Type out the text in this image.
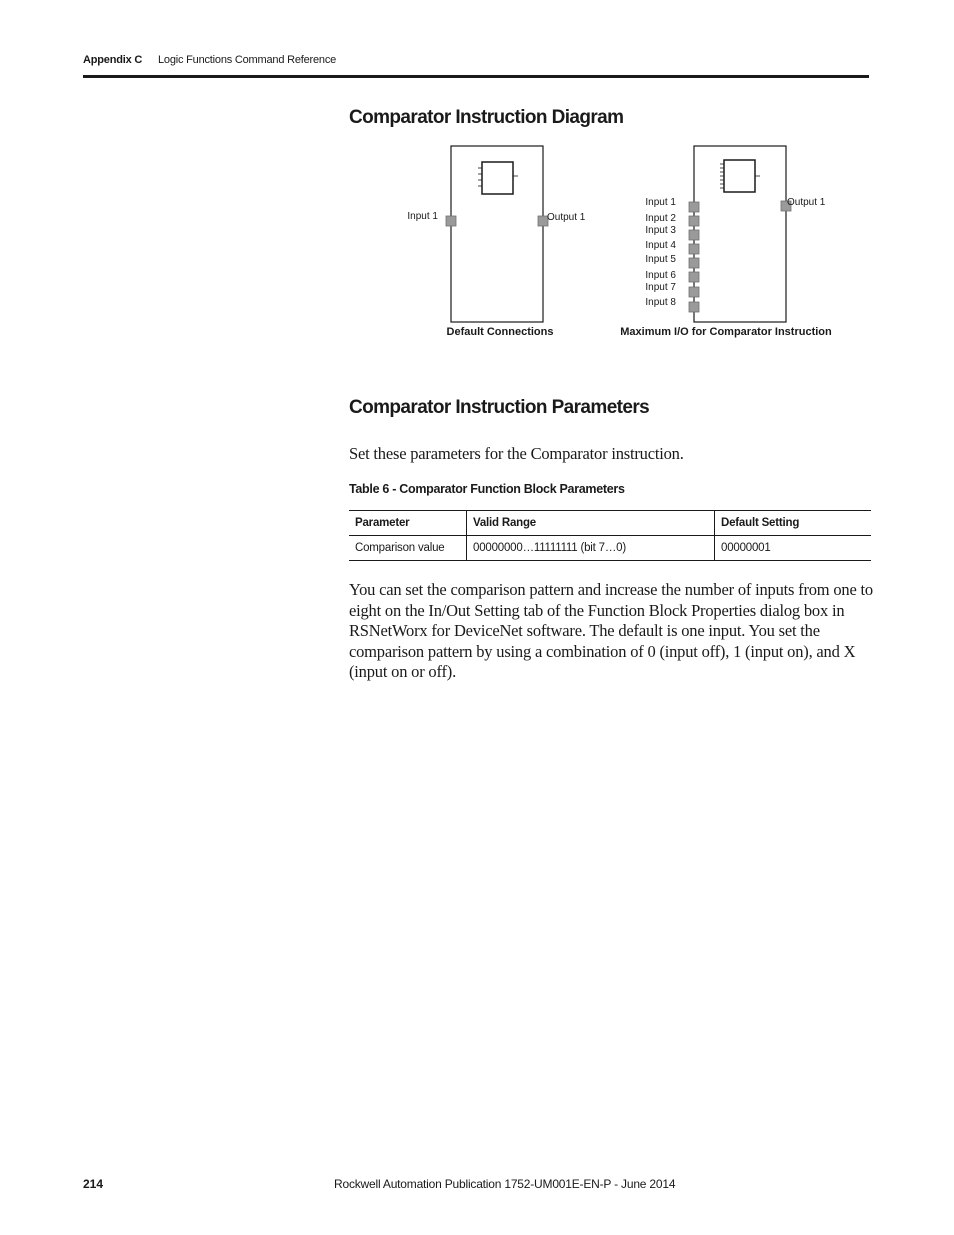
Appendix C Logic Functions Command Reference
Comparator Instruction Diagram
Input 1	Output 1
Default Connections
Output 1
Input 1
Input 2
Input 3
Input 4
Input 5
Input 6
Input 7
Input 8
Maximum I/O for Comparator Instruction
Comparator Instruction Parameters
Set these parameters for the Comparator instruction.
Table 6 - Comparator Function Block Parameters
Parameter	Valid Range	Default Setting
Comparison value	00000000…11111111 (bit 7…0)	00000001
You can set the comparison pattern and increase the number of inputs from one to eight on the In/Out Setting tab of the Function Block Properties dialog box in RSNetWorx for DeviceNet software. The default is one input. You set the comparison pattern by using a combination of 0 (input off), 1 (input on), and X (input on or off).
214	Rockwell Automation Publication 1752-UM001E-EN-P - June 2014
